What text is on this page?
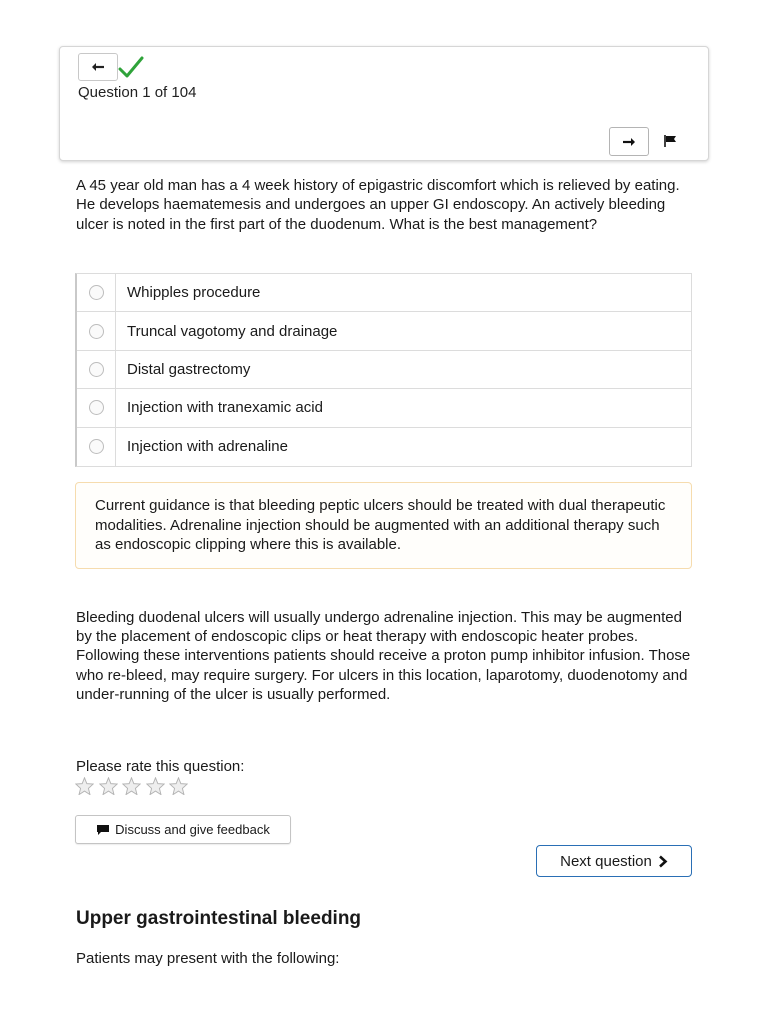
Question 1 of 104
A 45 year old man has a 4 week history of epigastric discomfort which is relieved by eating. He develops haematemesis and undergoes an upper GI endoscopy. An actively bleeding ulcer is noted in the first part of the duodenum. What is the best management?
Whipples procedure
Truncal vagotomy and drainage
Distal gastrectomy
Injection with tranexamic acid
Injection with adrenaline
Current guidance is that bleeding peptic ulcers should be treated with dual therapeutic modalities. Adrenaline injection should be augmented with an additional therapy such as endoscopic clipping where this is available.
Bleeding duodenal ulcers will usually undergo adrenaline injection. This may be augmented by the placement of endoscopic clips or heat therapy with endoscopic heater probes. Following these interventions patients should receive a proton pump inhibitor infusion. Those who re-bleed, may require surgery. For ulcers in this location, laparotomy, duodenotomy and under-running of the ulcer is usually performed.
Please rate this question:
Discuss and give feedback
Next question
Upper gastrointestinal bleeding
Patients may present with the following:
